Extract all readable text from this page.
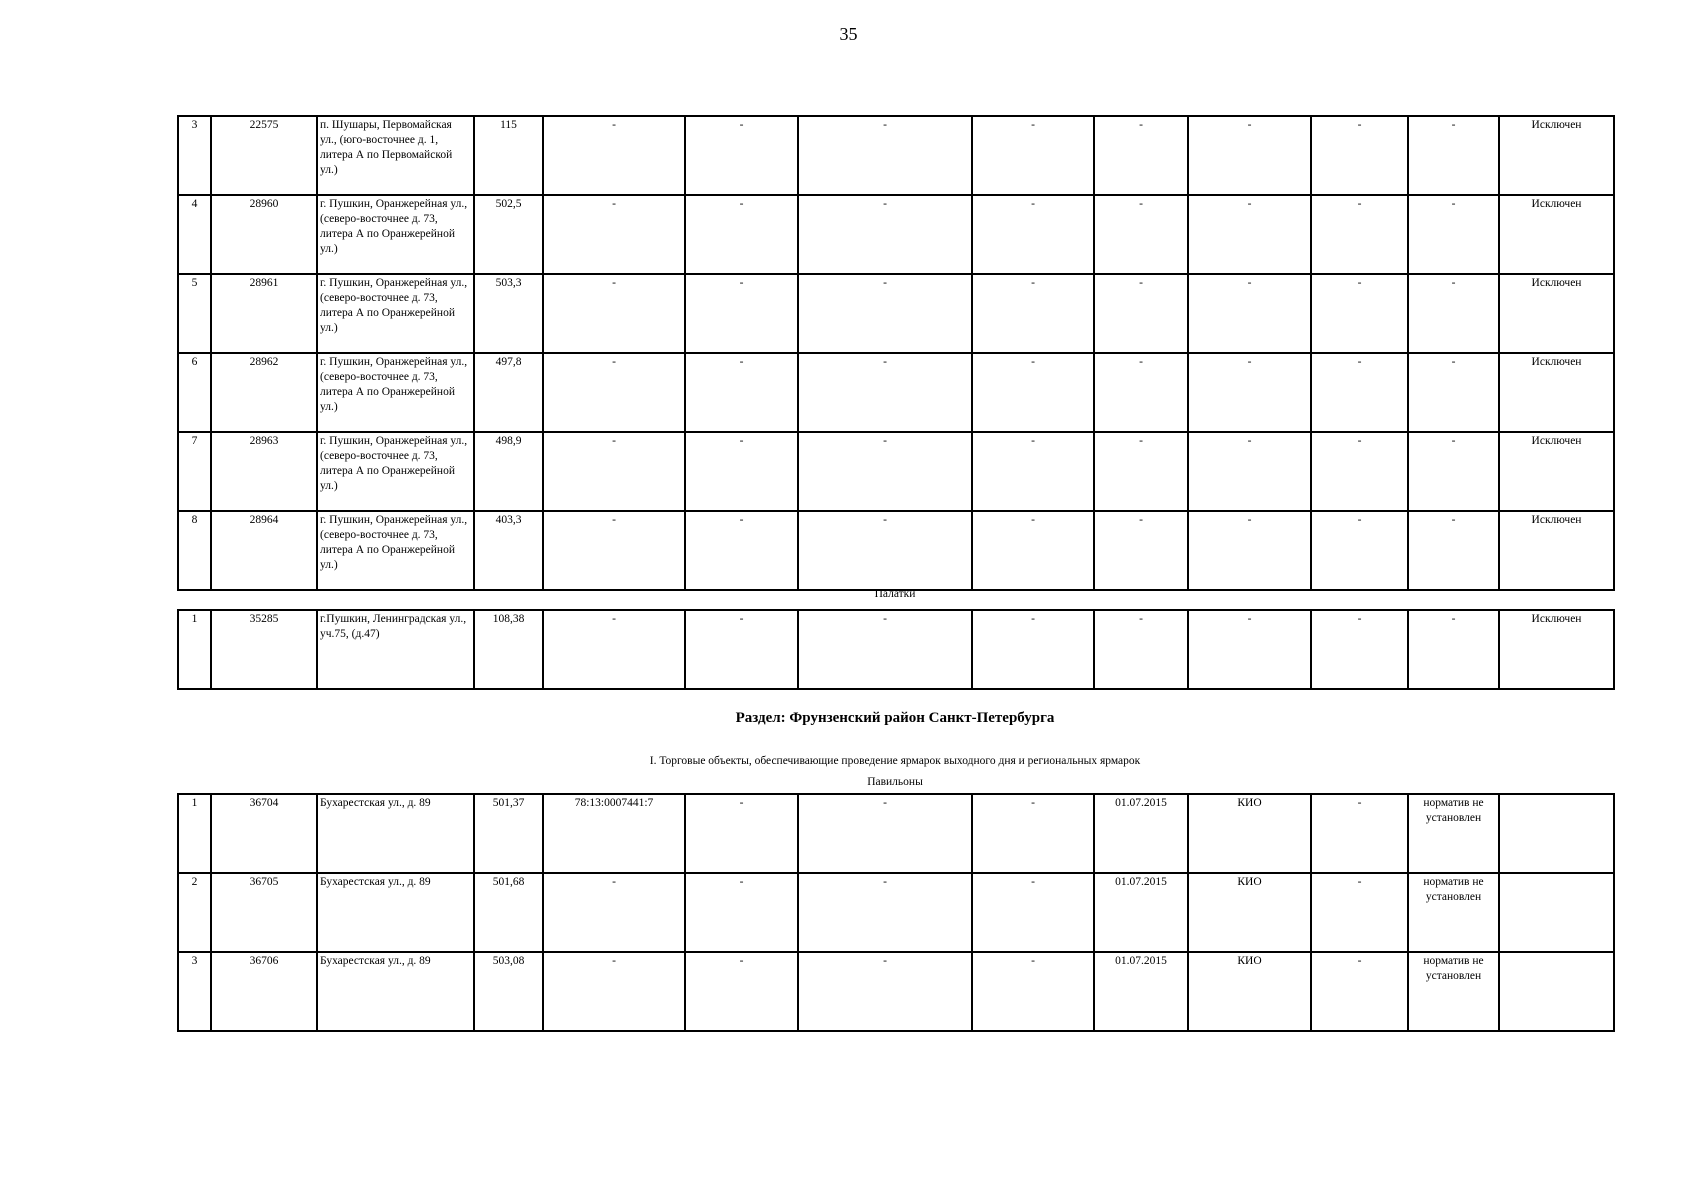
35
3	22575	п. Шушары, Первомайская ул., (юго-восточнее д. 1, литера А по Первомайской ул.)	115	-	-	-	-	-	-	-	-	Исключен
4	28960	г. Пушкин, Оранжерейная ул., (северо-восточнее д. 73, литера А по Оранжерейной ул.)	502,5	-	-	-	-	-	-	-	-	Исключен
5	28961	г. Пушкин, Оранжерейная ул., (северо-восточнее д. 73, литера А по Оранжерейной ул.)	503,3	-	-	-	-	-	-	-	-	Исключен
6	28962	г. Пушкин, Оранжерейная ул., (северо-восточнее д. 73, литера А по Оранжерейной ул.)	497,8	-	-	-	-	-	-	-	-	Исключен
7	28963	г. Пушкин, Оранжерейная ул., (северо-восточнее д. 73, литера А по Оранжерейной ул.)	498,9	-	-	-	-	-	-	-	-	Исключен
8	28964	г. Пушкин, Оранжерейная ул., (северо-восточнее д. 73, литера А по Оранжерейной ул.)	403,3	-	-	-	-	-	-	-	-	Исключен
Палатки
1	35285	г.Пушкин, Ленинградская ул., уч.75, (д.47)	108,38	-	-	-	-	-	-	-	-	Исключен
Раздел: Фрунзенский район Санкт-Петербурга
I. Торговые объекты, обеспечивающие проведение ярмарок выходного дня и региональных ярмарок
Павильоны
1	36704	Бухарестская ул., д. 89	501,37	78:13:0007441:7	-	-	-	01.07.2015	КИО	-	норматив не установлен	
2	36705	Бухарестская ул., д. 89	501,68	-	-	-	-	01.07.2015	КИО	-	норматив не установлен	
3	36706	Бухарестская ул., д. 89	503,08	-	-	-	-	01.07.2015	КИО	-	норматив не установлен	
